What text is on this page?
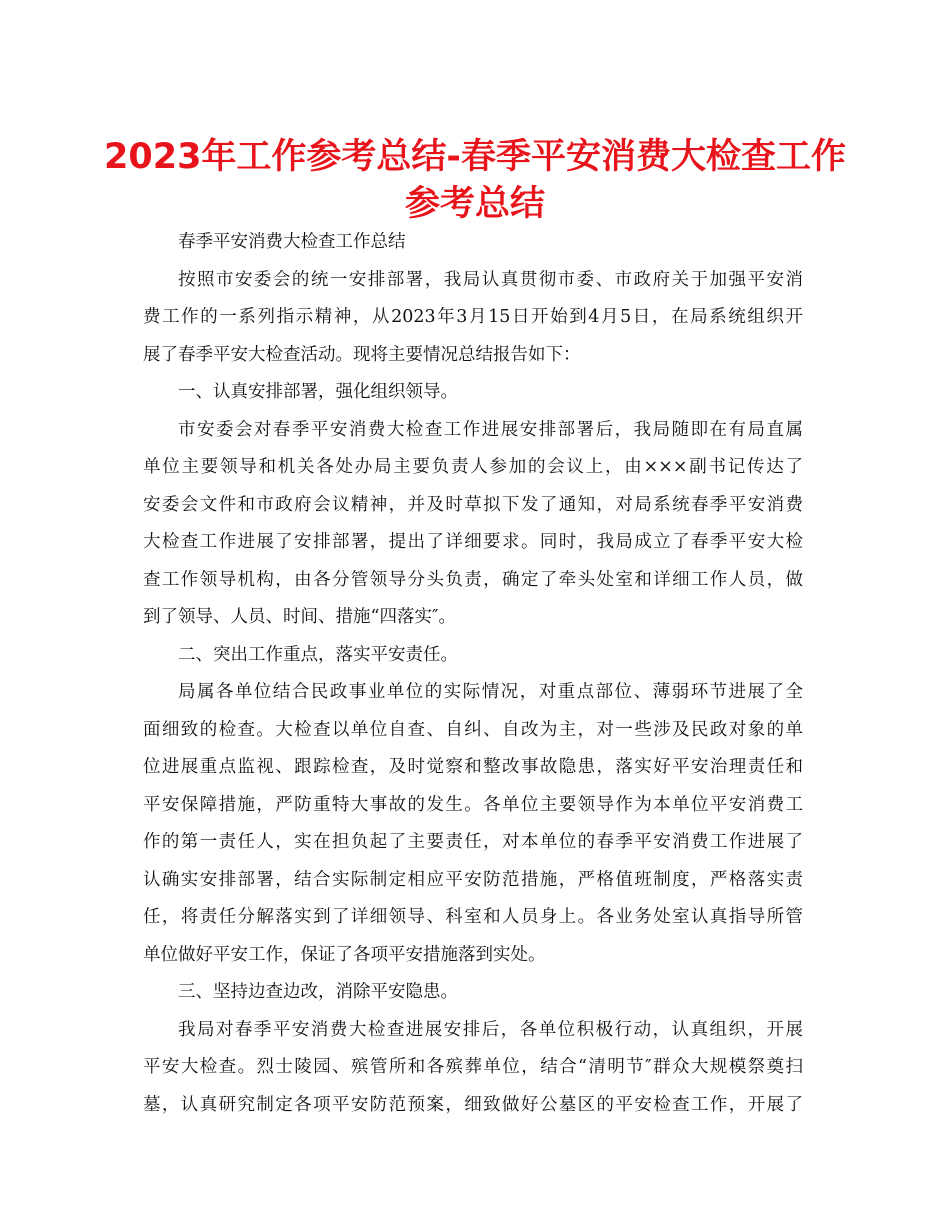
2023年工作参考总结-春季平安消费大检查工作
参考总结
春季平安消费大检查工作总结
按照市安委会的统一安排部署，我局认真贯彻市委、市政府关于加强平安消
费工作的一系列指示精神，从2023年3月15日开始到4月5日，在局系统组织开
展了春季平安大检查活动。现将主要情况总结报告如下：
一、认真安排部署，强化组织领导。
市安委会对春季平安消费大检查工作进展安排部署后，我局随即在有局直属
单位主要领导和机关各处办局主要负责人参加的会议上，由×××副书记传达了
安委会文件和市政府会议精神，并及时草拟下发了通知，对局系统春季平安消费
大检查工作进展了安排部署，提出了详细要求。同时，我局成立了春季平安大检
查工作领导机构，由各分管领导分头负责，确定了牵头处室和详细工作人员，做
到了领导、人员、时间、措施“四落实″。
二、突出工作重点，落实平安责任。
局属各单位结合民政事业单位的实际情况，对重点部位、薄弱环节进展了全
面细致的检查。大检查以单位自查、自纠、自改为主，对一些涉及民政对象的单
位进展重点监视、跟踪检查，及时觉察和整改事故隐患，落实好平安治理责任和
平安保障措施，严防重特大事故的发生。各单位主要领导作为本单位平安消费工
作的第一责任人，实在担负起了主要责任，对本单位的春季平安消费工作进展了
认确实安排部署，结合实际制定相应平安防范措施，严格值班制度，严格落实责
任，将责任分解落实到了详细领导、科室和人员身上。各业务处室认真指导所管
单位做好平安工作，保证了各项平安措施落到实处。
三、坚持边查边改，消除平安隐患。
我局对春季平安消费大检查进展安排后，各单位积极行动，认真组织，开展
平安大检查。烈士陵园、殡管所和各殡葬单位，结合“清明节″群众大规模祭奠扫
墓，认真研究制定各项平安防范预案，细致做好公墓区的平安检查工作，开展了
